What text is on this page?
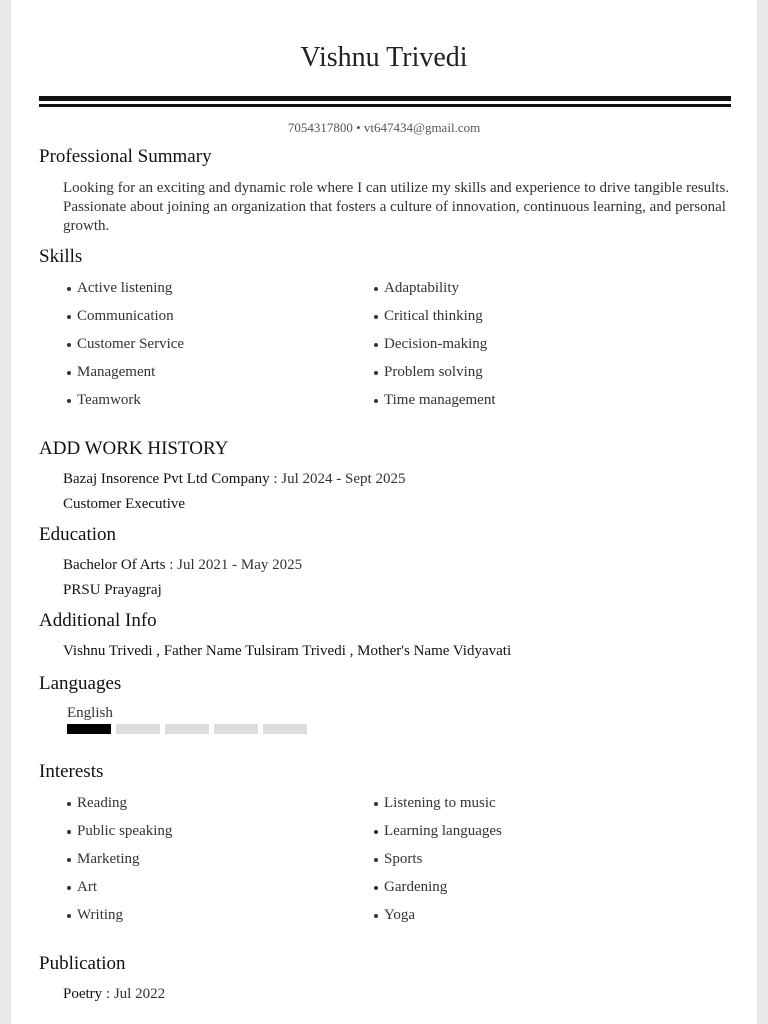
Vishnu Trivedi
7054317800 • vt647434@gmail.com
Professional Summary
Looking for an exciting and dynamic role where I can utilize my skills and experience to drive tangible results. Passionate about joining an organization that fosters a culture of innovation, continuous learning, and personal growth.
Skills
Active listening
Communication
Customer Service
Management
Teamwork
Adaptability
Critical thinking
Decision-making
Problem solving
Time management
ADD WORK HISTORY
Bazaj Insorence Pvt Ltd Company : Jul 2024 - Sept 2025
Customer Executive
Education
Bachelor Of Arts : Jul 2021 - May 2025
PRSU Prayagraj
Additional Info
Vishnu Trivedi , Father Name Tulsiram Trivedi , Mother's Name Vidyavati
Languages
English
Interests
Reading
Public speaking
Marketing
Art
Writing
Listening to music
Learning languages
Sports
Gardening
Yoga
Publication
Poetry : Jul 2022
